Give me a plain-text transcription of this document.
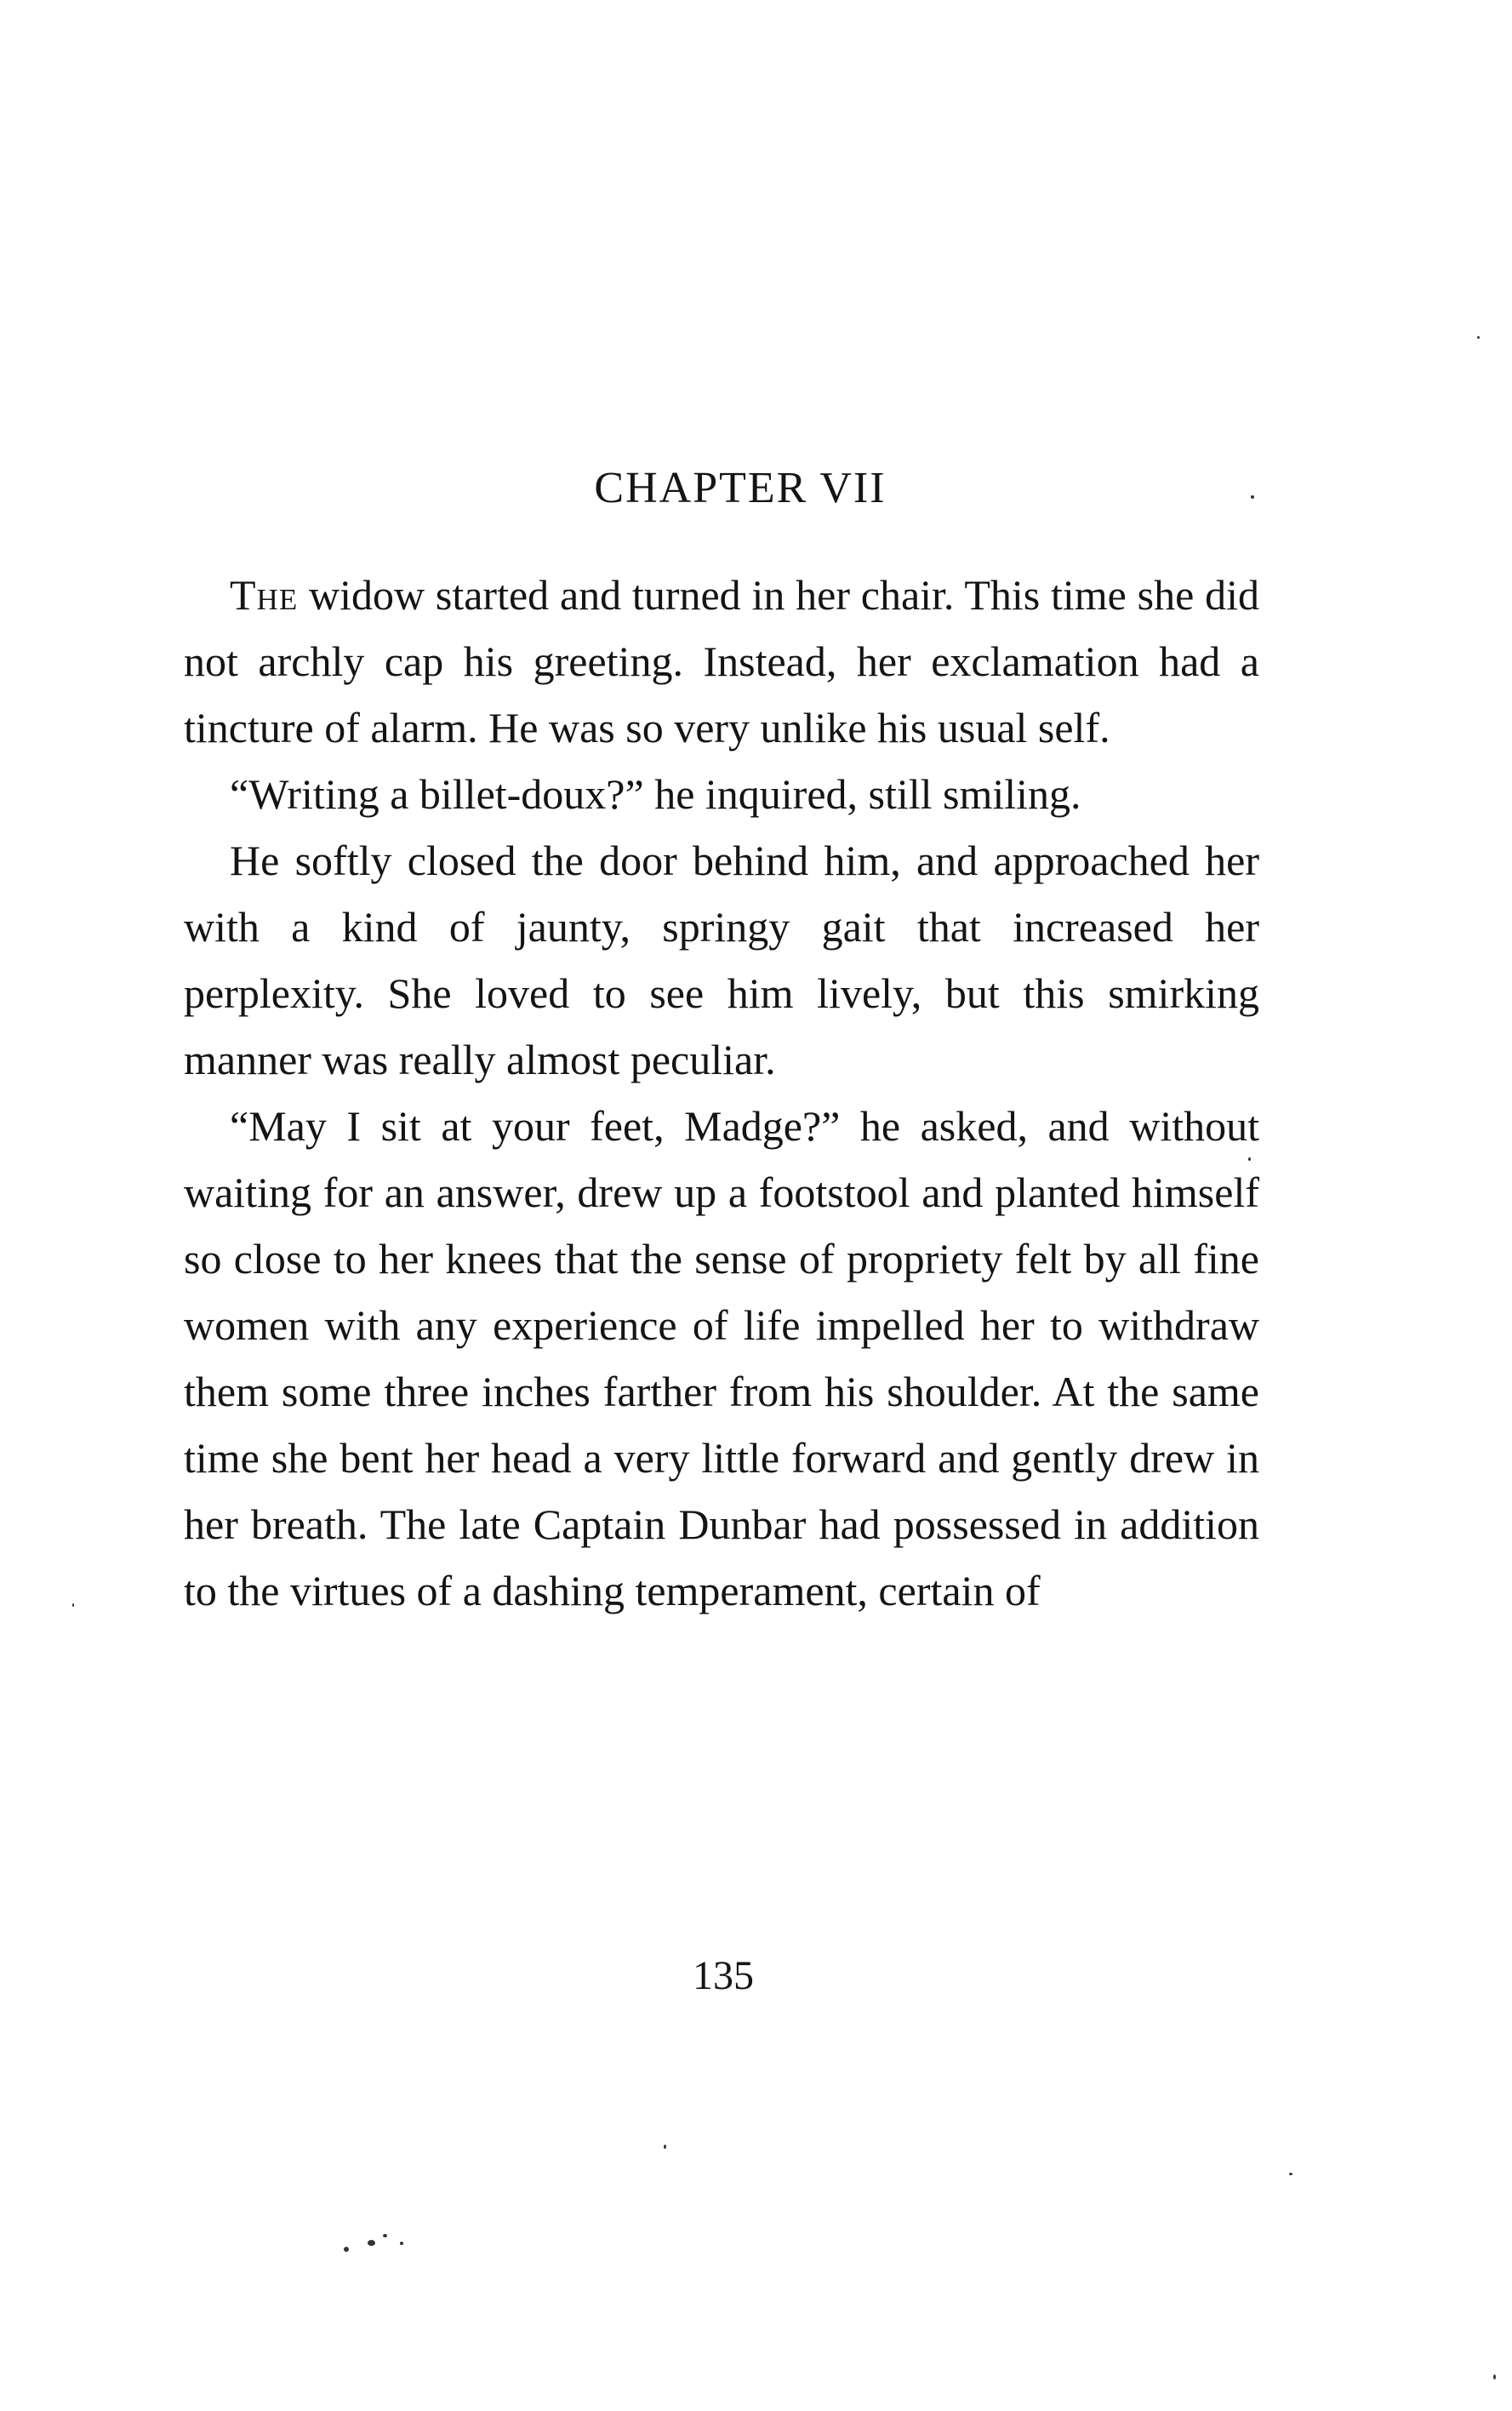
CHAPTER VII

The widow started and turned in her chair. This time she did not archly cap his greeting. Instead, her exclamation had a tincture of alarm. He was so very unlike his usual self.

“Writing a billet-doux?” he inquired, still smiling.

He softly closed the door behind him, and approached her with a kind of jaunty, springy gait that increased her perplexity. She loved to see him lively, but this smirking manner was really almost peculiar.

“May I sit at your feet, Madge?” he asked, and without waiting for an answer, drew up a footstool and planted himself so close to her knees that the sense of propriety felt by all fine women with any experience of life impelled her to withdraw them some three inches farther from his shoulder. At the same time she bent her head a very little forward and gently drew in her breath. The late Captain Dunbar had possessed in addition to the virtues of a dashing temperament, certain of

135
